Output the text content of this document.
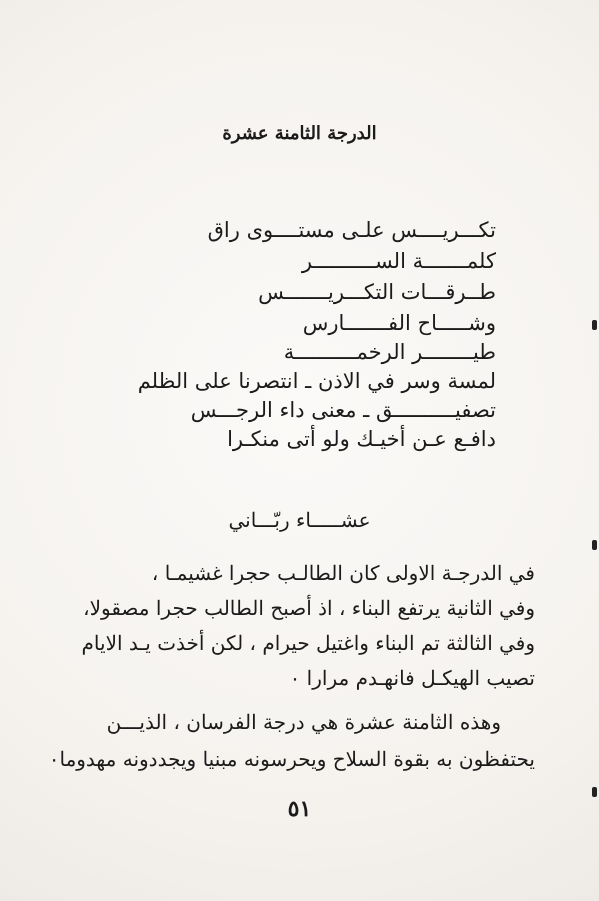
الدرجة الثامنة عشرة
تكـــريــــس علـى مستــــوى راق
كلمـــــــة الســــــــــر
طــرقـــات التكـــريـــــــس
وشـــــاح الفـــــــارس
طيــــــــر الرخمــــــــــة
لمسة وسر في الاذن ـ انتصرنا على الظلم
تصفيــــــــــق ـ معنى داء الرجـــس
دافـع عـن أخيـك ولو أتى منكـرا
عشـــــاء ربّـــاني
في الدرجـة الاولى كان الطالـب حجرا غشيمـا ،
وفي الثانية يرتفع البناء ، اذ أصبح الطالب حجرا مصقولا،
وفي الثالثة تم البناء واغتيل حيرام ، لكن أخذت يـد الايام
تصيب الهيكـل فانهـدم مرارا ٠
وهذه الثامنة عشرة هي درجة الفرسان ، الذيـــن
يحتفظون به بقوة السلاح ويحرسونه مبنيا ويجددونه مهدوما٠
٥١
